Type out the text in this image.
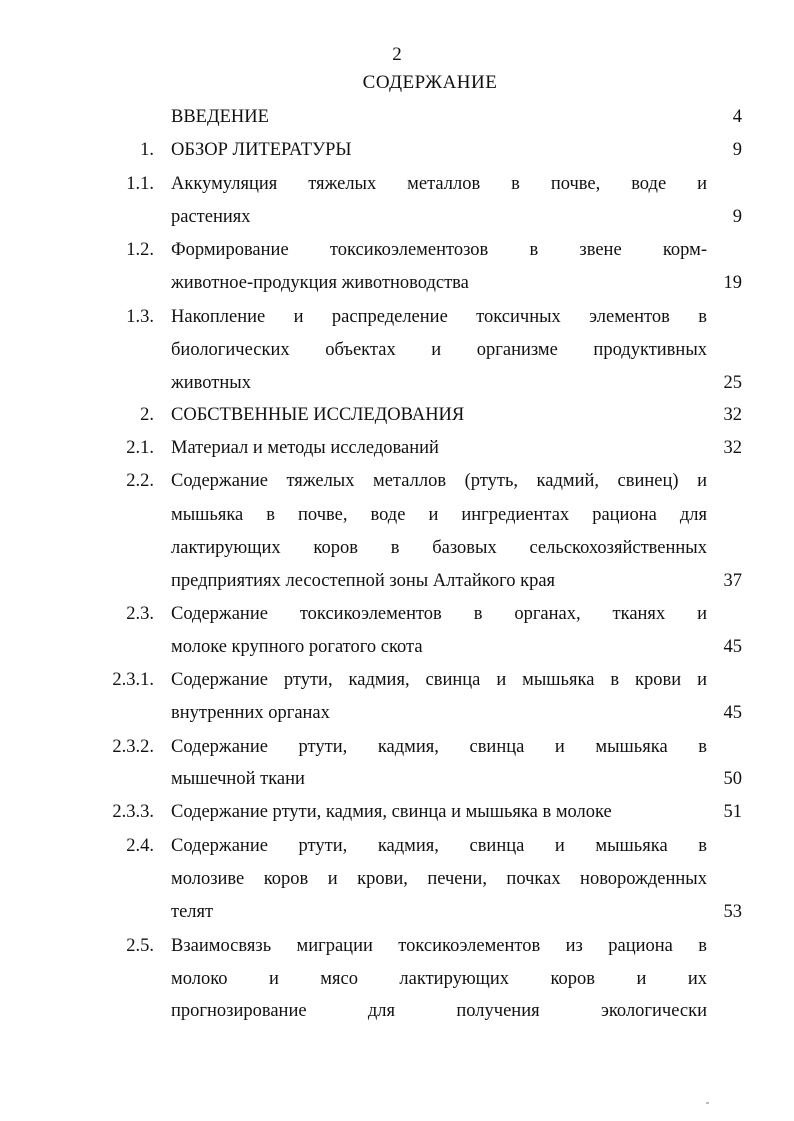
2
СОДЕРЖАНИЕ
ВВЕДЕНИЕ	4
1. ОБЗОР ЛИТЕРАТУРЫ	9
1.1. Аккумуляция тяжелых металлов в почве, воде и
растениях	9
1.2. Формирование токсикоэлементозов в звене корм-
животное-продукция животноводства	19
1.3. Накопление и распределение токсичных элементов в
биологических объектах и организме продуктивных
животных	25
2. СОБСТВЕННЫЕ ИССЛЕДОВАНИЯ	32
2.1. Материал и методы исследований	32
2.2. Содержание тяжелых металлов (ртуть, кадмий, свинец) и
мышьяка в почве, воде и ингредиентах рациона для
лактирующих коров в базовых сельскохозяйственных
предприятиях лесостепной зоны Алтайкого края	37
2.3. Содержание токсикоэлементов в органах, тканях и
молоке крупного рогатого скота	45
2.3.1. Содержание ртути, кадмия, свинца и мышьяка в крови и
внутренних органах	45
2.3.2. Содержание ртути, кадмия, свинца и мышьяка в
мышечной ткани	50
2.3.3. Содержание ртути, кадмия, свинца и мышьяка в молоке	51
2.4. Содержание ртути, кадмия, свинца и мышьяка в
молозиве коров и крови, печени, почках новорожденных
телят	53
2.5. Взаимосвязь миграции токсикоэлементов из рациона в
молоко и мясо лактирующих коров и их
прогнозирование для получения экологически
